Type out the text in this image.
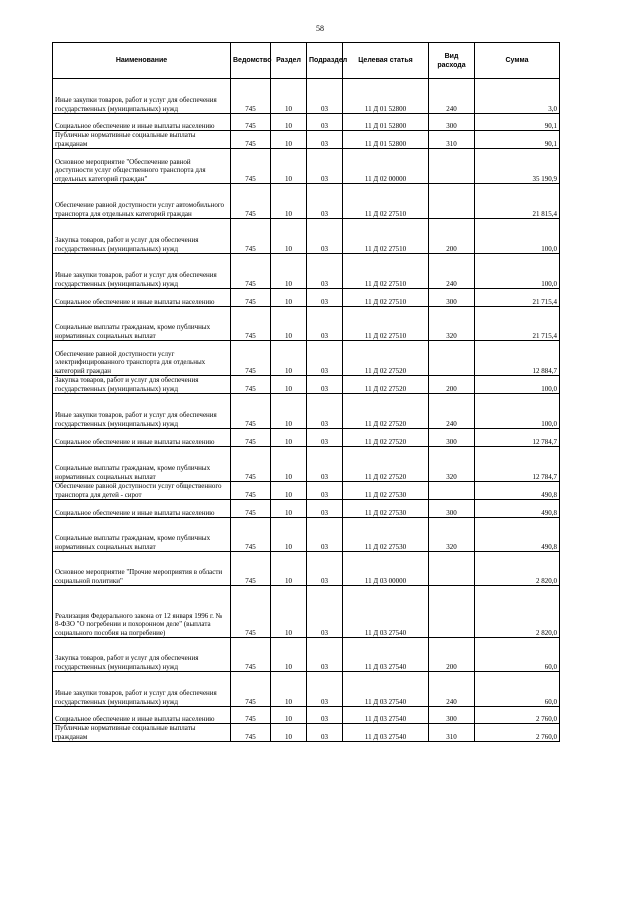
58
Наименование	Ведомство	Раздел	Подраздел	Целевая статья	Вид расхода	Сумма
Иные закупки товаров, работ и услуг для обеспечения государственных (муниципальных) нужд	745	10	03	11 Д 01 52800	240	3,0
Социальное обеспечение и иные выплаты населению	745	10	03	11 Д 01 52800	300	90,1
Публичные нормативные социальные выплаты гражданам	745	10	03	11 Д 01 52800	310	90,1
Основное мероприятие "Обеспечение равной доступности услуг общественного транспорта для отдельных категорий граждан"	745	10	03	11 Д 02 00000		35 190,9
Обеспечение равной доступности услуг автомобильного транспорта для отдельных категорий граждан	745	10	03	11 Д 02 27510		21 815,4
Закупка товаров, работ и услуг для обеспечения государственных (муниципальных) нужд	745	10	03	11 Д 02 27510	200	100,0
Иные закупки товаров, работ и услуг для обеспечения государственных (муниципальных) нужд	745	10	03	11 Д 02 27510	240	100,0
Социальное обеспечение и иные выплаты населению	745	10	03	11 Д 02 27510	300	21 715,4
Социальные выплаты гражданам, кроме публичных нормативных социальных выплат	745	10	03	11 Д 02 27510	320	21 715,4
Обеспечение равной доступности услуг электрифицированного транспорта для отдельных категорий граждан	745	10	03	11 Д 02 27520		12 884,7
Закупка товаров, работ и услуг для обеспечения государственных (муниципальных) нужд	745	10	03	11 Д 02 27520	200	100,0
Иные закупки товаров, работ и услуг для обеспечения государственных (муниципальных) нужд	745	10	03	11 Д 02 27520	240	100,0
Социальное обеспечение и иные выплаты населению	745	10	03	11 Д 02 27520	300	12 784,7
Социальные выплаты гражданам, кроме публичных нормативных социальных выплат	745	10	03	11 Д 02 27520	320	12 784,7
Обеспечение равной доступности услуг общественного транспорта для детей - сирот	745	10	03	11 Д 02 27530		490,8
Социальное обеспечение и иные выплаты населению	745	10	03	11 Д 02 27530	300	490,8
Социальные выплаты гражданам, кроме публичных нормативных социальных выплат	745	10	03	11 Д 02 27530	320	490,8
Основное мероприятие "Прочие мероприятия в области социальной политики"	745	10	03	11 Д 03 00000		2 820,0
Реализация Федерального закона от 12 января 1996 г. № 8-ФЗО "О погребении и похоронном деле" (выплата социального пособия на погребение)	745	10	03	11 Д 03 27540		2 820,0
Закупка товаров, работ и услуг для обеспечения государственных (муниципальных) нужд	745	10	03	11 Д 03 27540	200	60,0
Иные закупки товаров, работ и услуг для обеспечения государственных (муниципальных) нужд	745	10	03	11 Д 03 27540	240	60,0
Социальное обеспечение и иные выплаты населению	745	10	03	11 Д 03 27540	300	2 760,0
Публичные нормативные социальные выплаты гражданам	745	10	03	11 Д 03 27540	310	2 760,0
